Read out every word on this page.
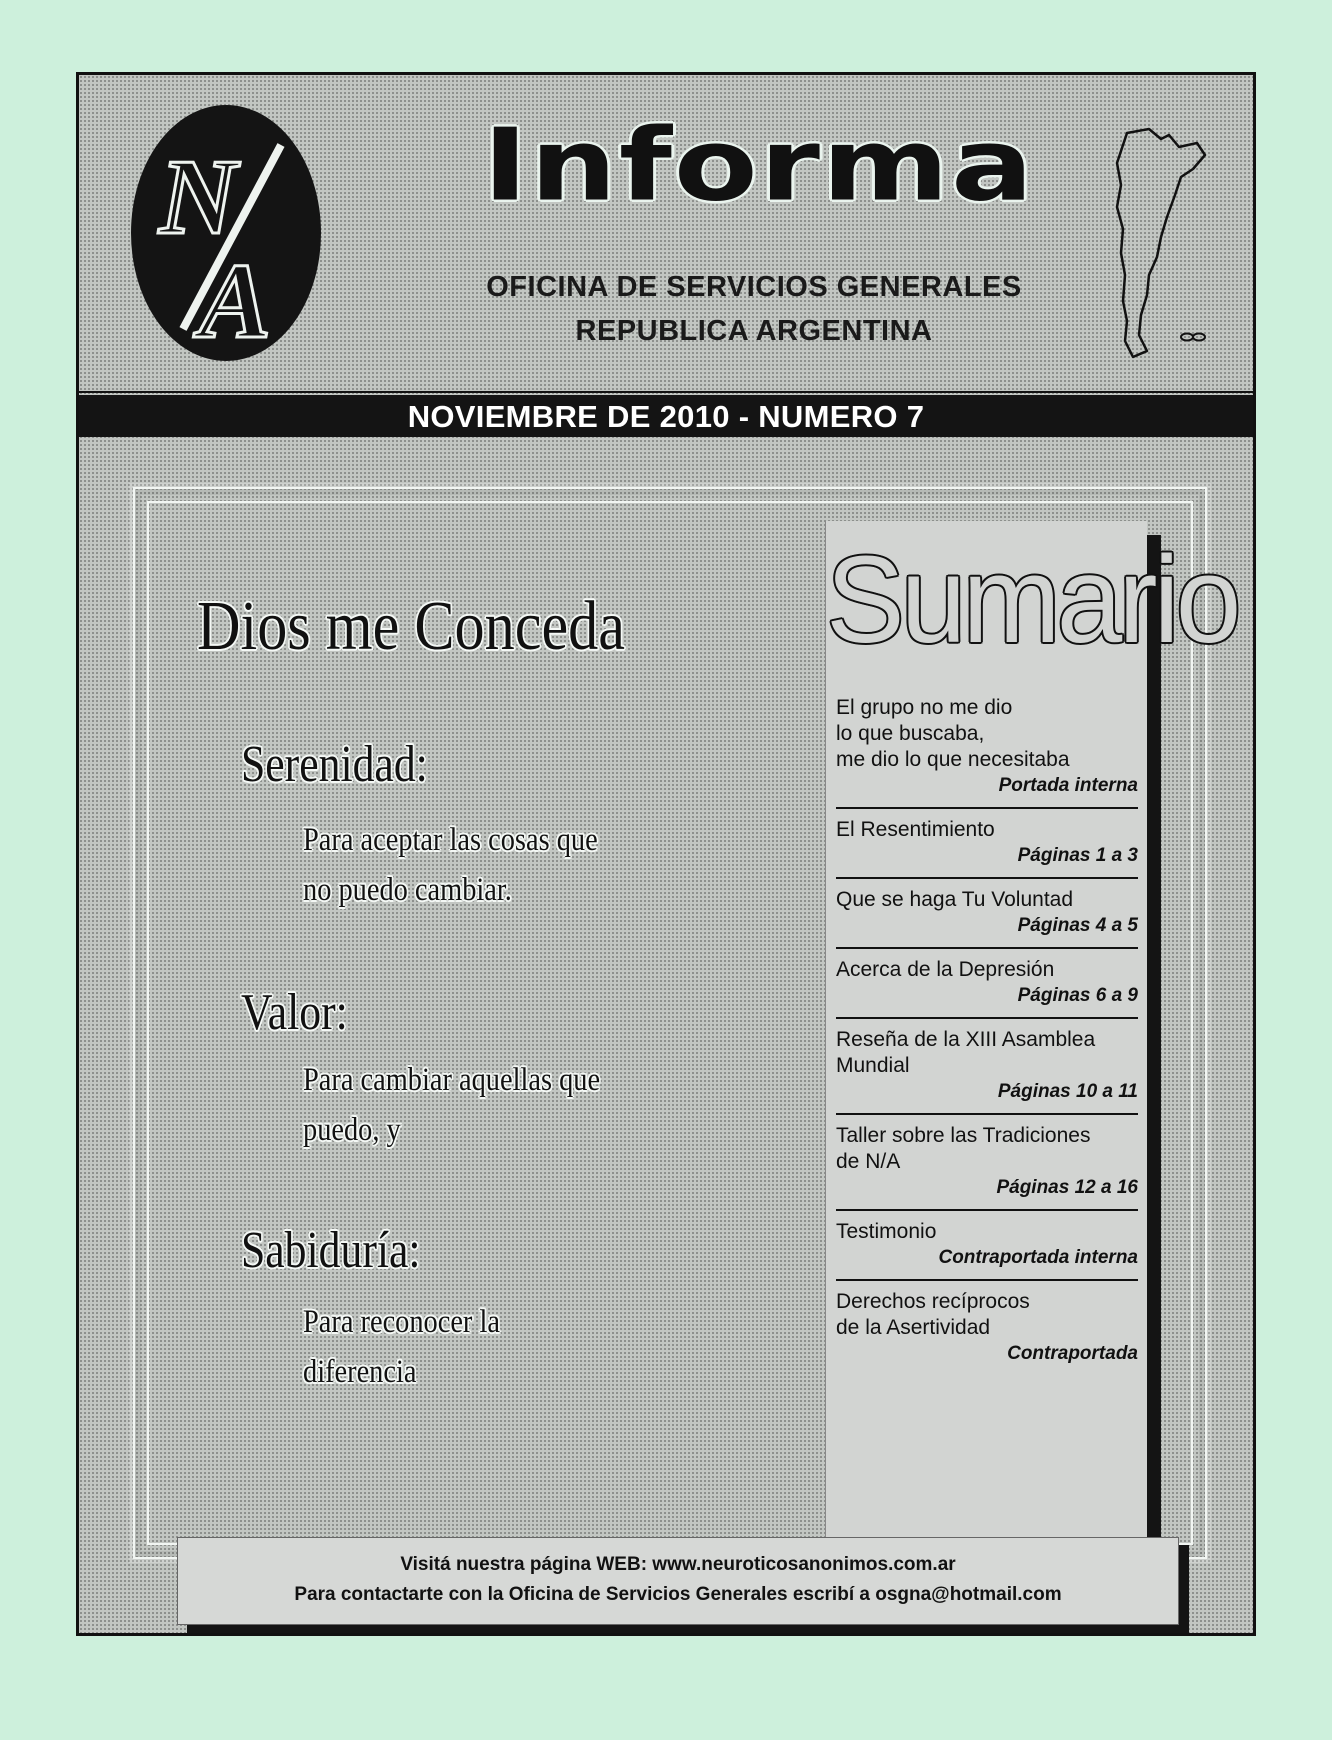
N
A
Informa
OFICINA DE SERVICIOS GENERALES
REPUBLICA ARGENTINA
NOVIEMBRE DE 2010 - NUMERO 7
Dios me Conceda
Serenidad:
Para aceptar las cosas que
no puedo cambiar.
Valor:
Para cambiar aquellas que
puedo, y
Sabiduría:
Para reconocer la
diferencia
Sumario
El grupo no me dio
lo que buscaba,
me dio lo que necesitaba
Portada interna
El Resentimiento
Páginas 1 a 3
Que se haga Tu Voluntad
Páginas 4 a 5
Acerca de la Depresión
Páginas 6 a 9
Reseña de la XIII Asamblea
Mundial
Páginas 10 a 11
Taller sobre las Tradiciones
de N/A
Páginas 12 a 16
Testimonio
Contraportada interna
Derechos recíprocos
de la Asertividad
Contraportada
Visitá nuestra página WEB: www.neuroticosanonimos.com.ar
Para contactarte con la Oficina de Servicios Generales escribí a osgna@hotmail.com
